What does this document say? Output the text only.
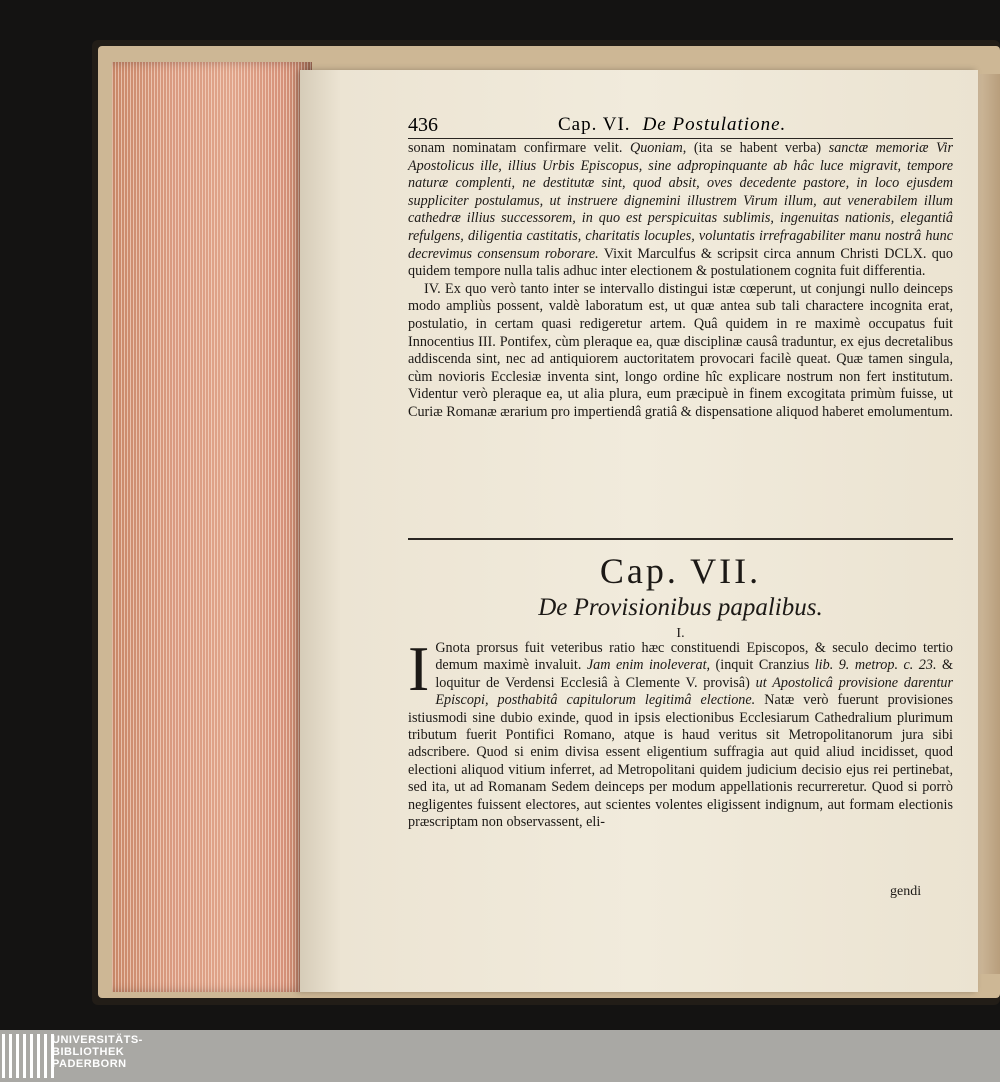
436	Cap. VI. De Postulatione.

sonam nominatam confirmare velit. Quoniam, (ita se habent verba) sanctæ memoriæ Vir Apostolicus ille, illius Urbis Episcopus, sine adpropinquante ab hâc luce migravit, tempore naturæ complenti, ne destitutæ sint, quod absit, oves decedente pastore, in loco ejusdem suppliciter postulamus, ut instruere dignemini illustrem Virum illum, aut venerabilem illum cathedræ illius successorem, in quo est perspicuitas sublimis, ingenuitas nationis, elegantiâ refulgens, diligentia castitatis, charitatis locuples, voluntatis irrefragabiliter manu nostrâ hunc decrevimus consensum roborare. Vixit Marculfus & scripsit circa annum Christi DCLX. quo quidem tempore nulla talis adhuc inter electionem & postulationem cognita fuit differentia.

IV. Ex quo verò tanto inter se intervallo distingui istæ cœperunt, ut conjungi nullo deinceps modo ampliùs possent, valdè laboratum est, ut quæ antea sub tali charactere incognita erat, postulatio, in certam quasi redigeretur artem. Quâ quidem in re maximè occupatus fuit Innocentius III. Pontifex, cùm pleraque ea, quæ disciplinæ causâ traduntur, ex ejus decretalibus addiscenda sint, nec ad antiquiorem auctoritatem provocari facilè queat. Quæ tamen singula, cùm novioris Ecclesiæ inventa sint, longo ordine hîc explicare nostrum non fert institutum. Videntur verò pleraque ea, ut alia plura, eum præcipuè in finem excogitata primùm fuisse, ut Curiæ Romanæ ærarium pro impertiendâ gratiâ & dispensatione aliquod haberet emolumentum.

Cap. VII.
De Provisionibus papalibus.
I.
I Gnota prorsus fuit veteribus ratio hæc constituendi Episcopos, & seculo decimo tertio demum maximè invaluit. Jam enim inoleverat, (inquit Cranzius lib. 9. metrop. c. 23. & loquitur de Verdensi Ecclesiâ à Clemente V. provisâ) ut Apostolicâ provisione darentur Episcopi, posthabitâ capitulorum legitimâ electione. Natæ verò fuerunt provisiones istiusmodi sine dubio exinde, quod in ipsis electionibus Ecclesiarum Cathedralium plurimum tributum fuerit Pontifici Romano, atque is haud veritus sit Metropolitanorum jura sibi adscribere. Quod si enim divisa essent eligentium suffragia aut quid aliud incidisset, quod electioni aliquod vitium inferret, ad Metropolitani quidem judicium decisio ejus rei pertinebat, sed ita, ut ad Romanam Sedem deinceps per modum appellationis recurreretur. Quod si porrò negligentes fuissent electores, aut scientes volentes eligissent indignum, aut formam electionis præscriptam non observassent, eli-
gendi
UNIVERSITÄTS-
BIBLIOTHEK
PADERBORN
